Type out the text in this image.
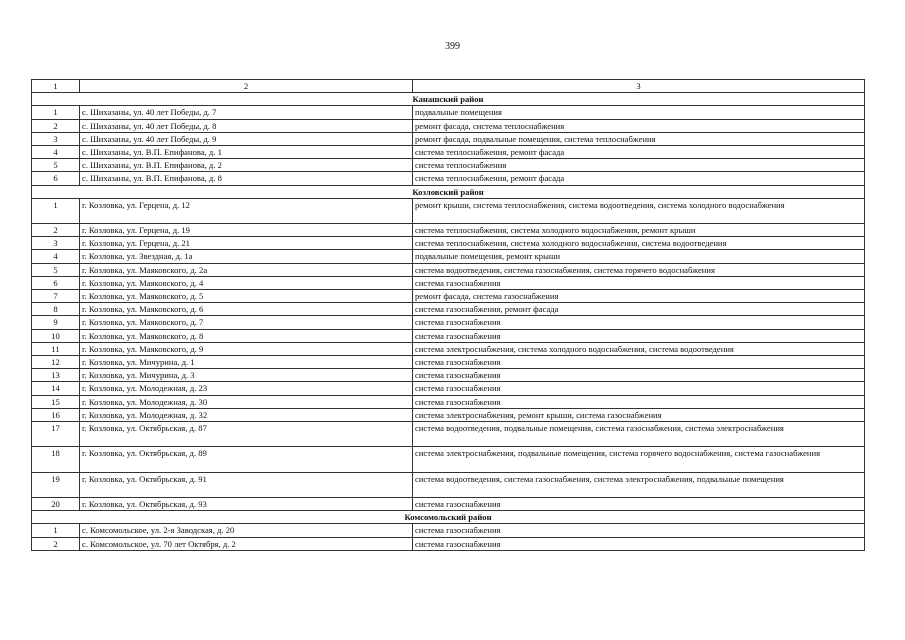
399
1	2	3
Канашский район		
1	с. Шихазаны, ул. 40 лет Победы, д. 7	подвальные помещения
2	с. Шихазаны, ул. 40 лет Победы, д. 8	ремонт фасада, система теплоснабжения
3	с. Шихазаны, ул. 40 лет Победы, д. 9	ремонт фасада, подвальные помещения, система теплоснабжения
4	с. Шихазаны, ул. В.П. Епифанова, д. 1	система теплоснабжения, ремонт фасада
5	с. Шихазаны, ул. В.П. Епифанова, д. 2	система теплоснабжения
6	с. Шихазаны, ул. В.П. Епифанова, д. 8	система теплоснабжения, ремонт фасада
Козловский район		
1	г. Козловка, ул. Герцена, д. 12	ремонт крыши, система теплоснабжения, система водоотведения, система холодного водоснабжения
2	г. Козловка, ул. Герцена, д. 19	система теплоснабжения, система холодного водоснабжения, ремонт крыши
3	г. Козловка, ул. Герцена, д. 21	система теплоснабжения, система холодного водоснабжения, система водоотведения
4	г. Козловка, ул. Звездная, д. 1а	подвальные помещения, ремонт крыши
5	г. Козловка, ул. Маяковского, д. 2а	система водоотведения, система газоснабжения, система горячего водоснабжения
6	г. Козловка, ул. Маяковского, д. 4	система газоснабжения
7	г. Козловка, ул. Маяковского, д. 5	ремонт фасада, система газоснабжения
8	г. Козловка, ул. Маяковского, д. 6	система газоснабжения, ремонт фасада
9	г. Козловка, ул. Маяковского, д. 7	система газоснабжения
10	г. Козловка, ул. Маяковского, д. 8	система газоснабжения
11	г. Козловка, ул. Маяковского, д. 9	система электроснабжения, система холодного водоснабжения, система водоотведения
12	г. Козловка, ул. Мичурина, д. 1	система газоснабжения
13	г. Козловка, ул. Мичурина, д. 3	система газоснабжения
14	г. Козловка, ул. Молодежная, д. 23	система газоснабжения
15	г. Козловка, ул. Молодежная, д. 30	система газоснабжения
16	г. Козловка, ул. Молодежная, д. 32	система электроснабжения, ремонт крыши, система газоснабжения
17	г. Козловка, ул. Октябрьская, д. 87	система водоотведения, подвальные помещения, система газоснабжения, система электроснабжения
18	г. Козловка, ул. Октябрьская, д. 89	система электроснабжения, подвальные помещения, система горячего водоснабжения, система газоснабжения
19	г. Козловка, ул. Октябрьская, д. 91	система водоотведения, система газоснабжения, система электроснабжения, подвальные помещения
20	г. Козловка, ул. Октябрьская, д. 93	система газоснабжения
Комсомольский район		
1	с. Комсомольское, ул. 2-я Заводская, д. 20	система газоснабжения
2	с. Комсомольское, ул. 70 лет Октября, д. 2	система газоснабжения
